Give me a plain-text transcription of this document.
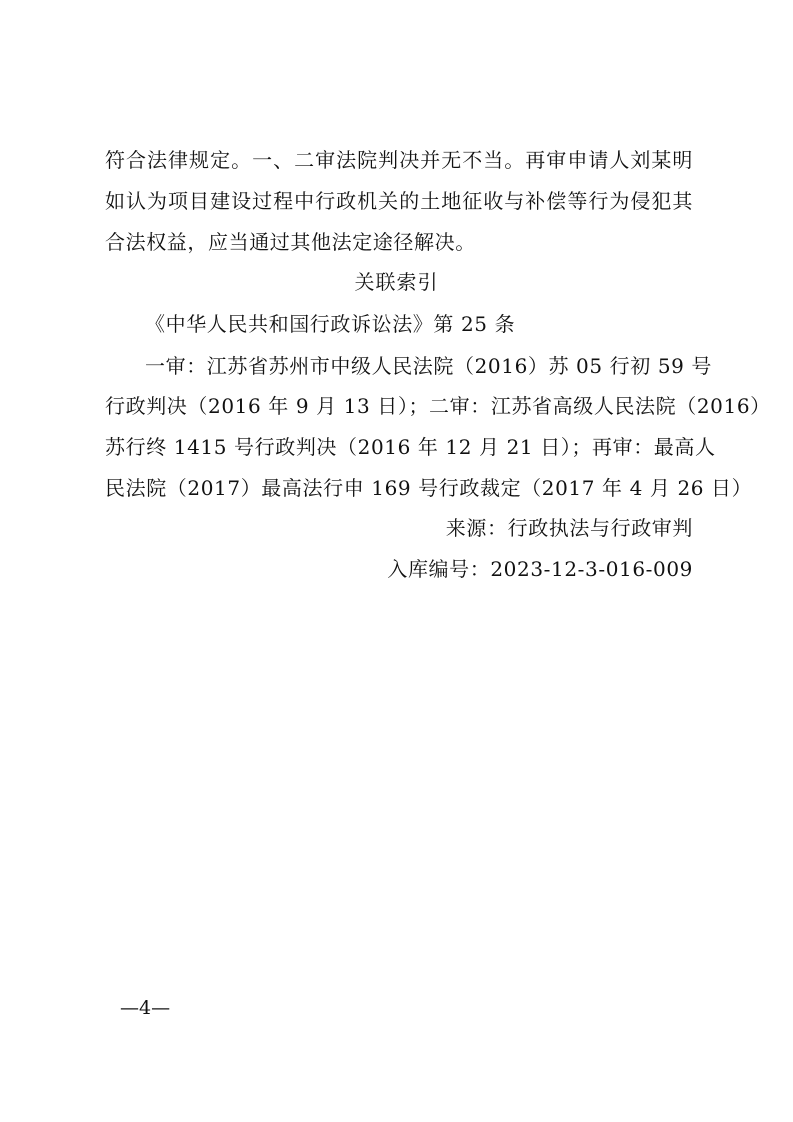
符合法律规定。一、二审法院判决并无不当。再审申请人刘某明
如认为项目建设过程中行政机关的土地征收与补偿等行为侵犯其
合法权益，应当通过其他法定途径解决。
关联索引
《中华人民共和国行政诉讼法》第 25 条
一审：江苏省苏州市中级人民法院（2016）苏 05 行初 59 号
行政判决（2016 年 9 月 13 日）；二审：江苏省高级人民法院（2016）
苏行终 1415 号行政判决（2016 年 12 月 21 日）；再审：最高人
民法院（2017）最高法行申 169 号行政裁定（2017 年 4 月 26 日）
来源：行政执法与行政审判
入库编号：2023-12-3-016-009
—4—
